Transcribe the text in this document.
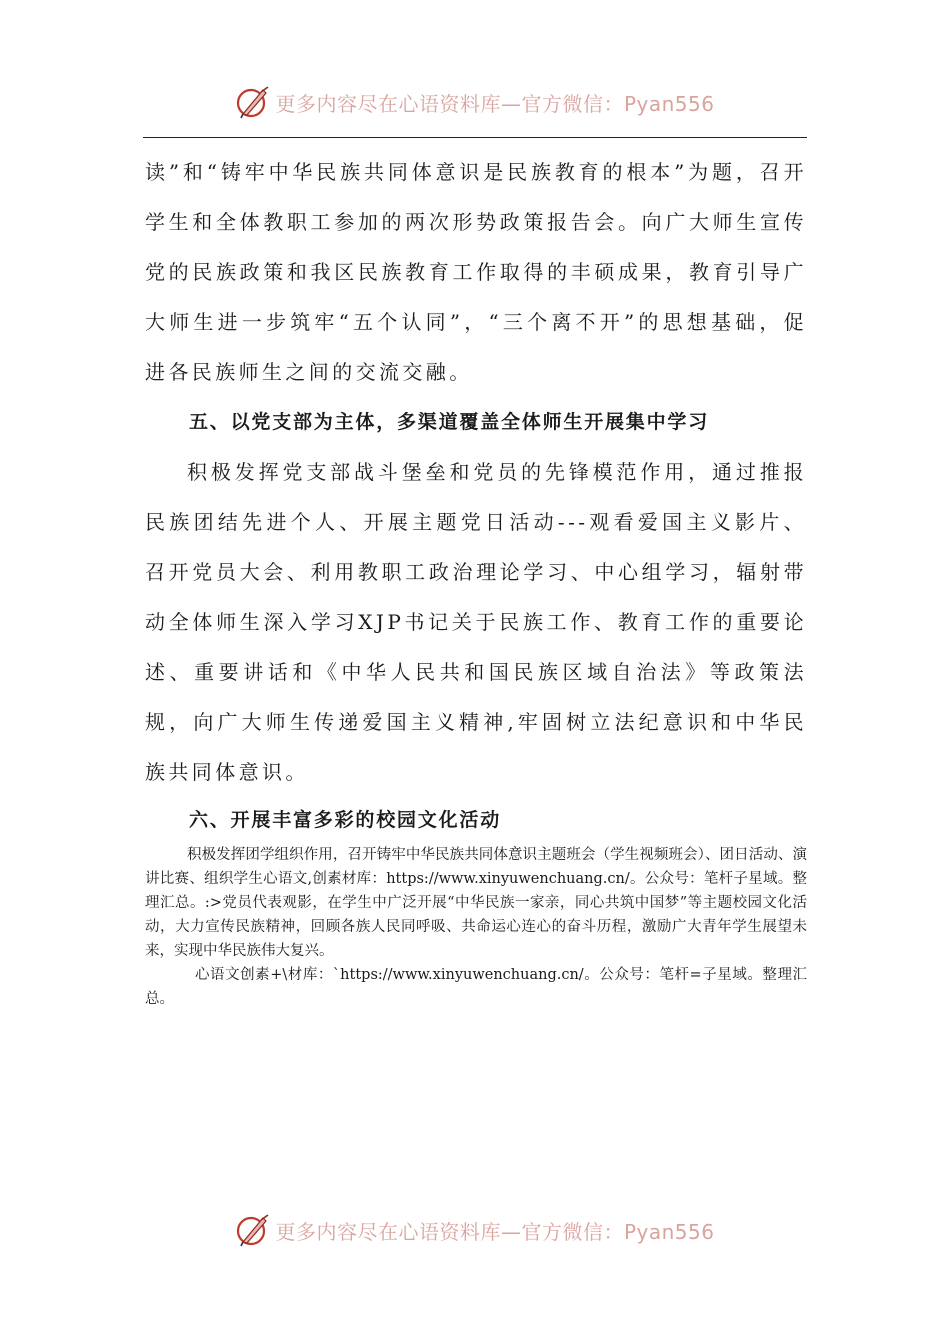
更多内容尽在心语资料库—官方微信：Pyan556

读”和“铸牢中华民族共同体意识是民族教育的根本”为题，召开学生和全体教职工参加的两次形势政策报告会。向广大师生宣传党的民族政策和我区民族教育工作取得的丰硕成果，教育引导广大师生进一步筑牢“五个认同”，“三个离不开”的思想基础，促进各民族师生之间的交流交融。

五、以党支部为主体，多渠道覆盖全体师生开展集中学习

积极发挥党支部战斗堡垒和党员的先锋模范作用，通过推报民族团结先进个人、开展主题党日活动---观看爱国主义影片、召开党员大会、利用教职工政治理论学习、中心组学习，辐射带动全体师生深入学习XJP书记关于民族工作、教育工作的重要论述、重要讲话和《中华人民共和国民族区域自治法》等政策法规，向广大师生传递爱国主义精神,牢固树立法纪意识和中华民族共同体意识。

六、开展丰富多彩的校园文化活动

积极发挥团学组织作用，召开铸牢中华民族共同体意识主题班会（学生视频班会）、团日活动、演讲比赛、组织学生心语文,创素材库：https://www.xinyuwenchuang.cn/。公众号：笔杆子星域。整理汇总。:>党员代表观影，在学生中广泛开展“中华民族一家亲，同心共筑中国梦”等主题校园文化活动，大力宣传民族精神，回顾各族人民同呼吸、共命运心连心的奋斗历程，激励广大青年学生展望未来，实现中华民族伟大复兴。

心语文创素+\材库：`https://www.xinyuwenchuang.cn/。公众号：笔杆=子星域。整理汇总。

更多内容尽在心语资料库—官方微信：Pyan556
